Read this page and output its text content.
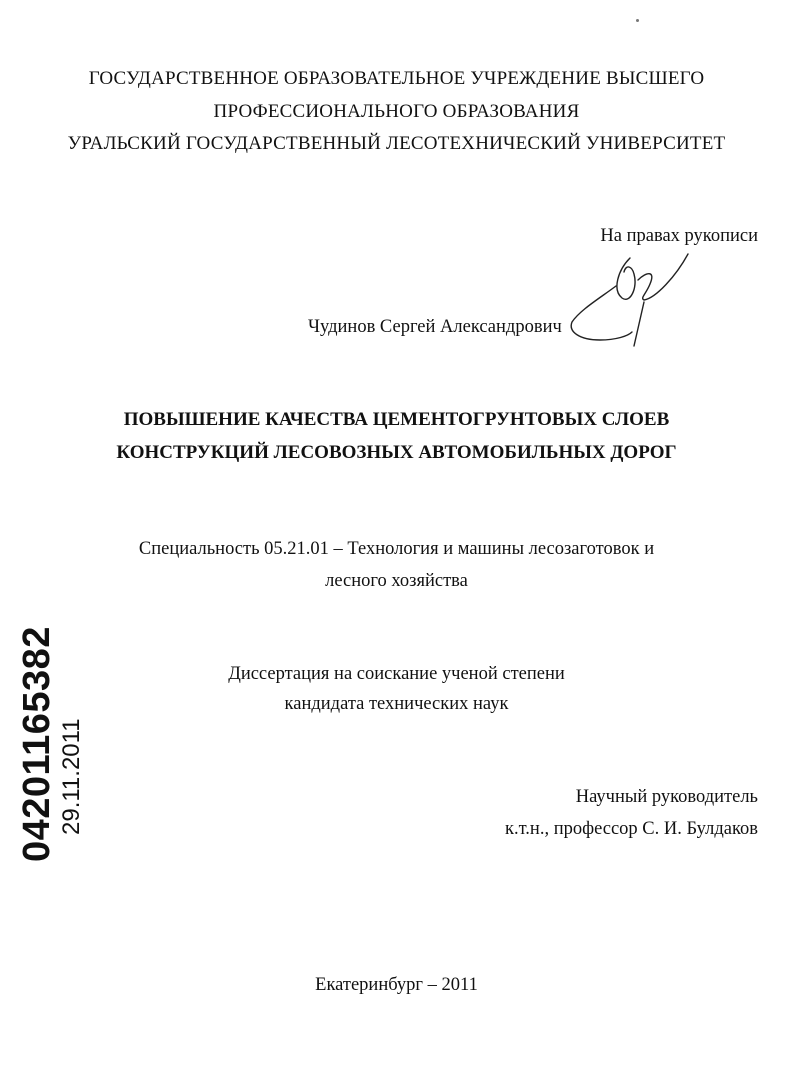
ГОСУДАРСТВЕННОЕ ОБРАЗОВАТЕЛЬНОЕ УЧРЕЖДЕНИЕ ВЫСШЕГО
ПРОФЕССИОНАЛЬНОГО ОБРАЗОВАНИЯ
УРАЛЬСКИЙ ГОСУДАРСТВЕННЫЙ ЛЕСОТЕХНИЧЕСКИЙ УНИВЕРСИТЕТ
На правах рукописи
Чудинов Сергей Александрович
ПОВЫШЕНИЕ КАЧЕСТВА ЦЕМЕНТОГРУНТОВЫХ СЛОЕВ
КОНСТРУКЦИЙ ЛЕСОВОЗНЫХ АВТОМОБИЛЬНЫХ ДОРОГ
Специальность 05.21.01 – Технология и машины лесозаготовок и
лесного хозяйства
Диссертация на соискание ученой степени
кандидата технических наук
Научный руководитель
к.т.н., профессор С. И. Булдаков
Екатеринбург – 2011
04201165382 29.11.2011
